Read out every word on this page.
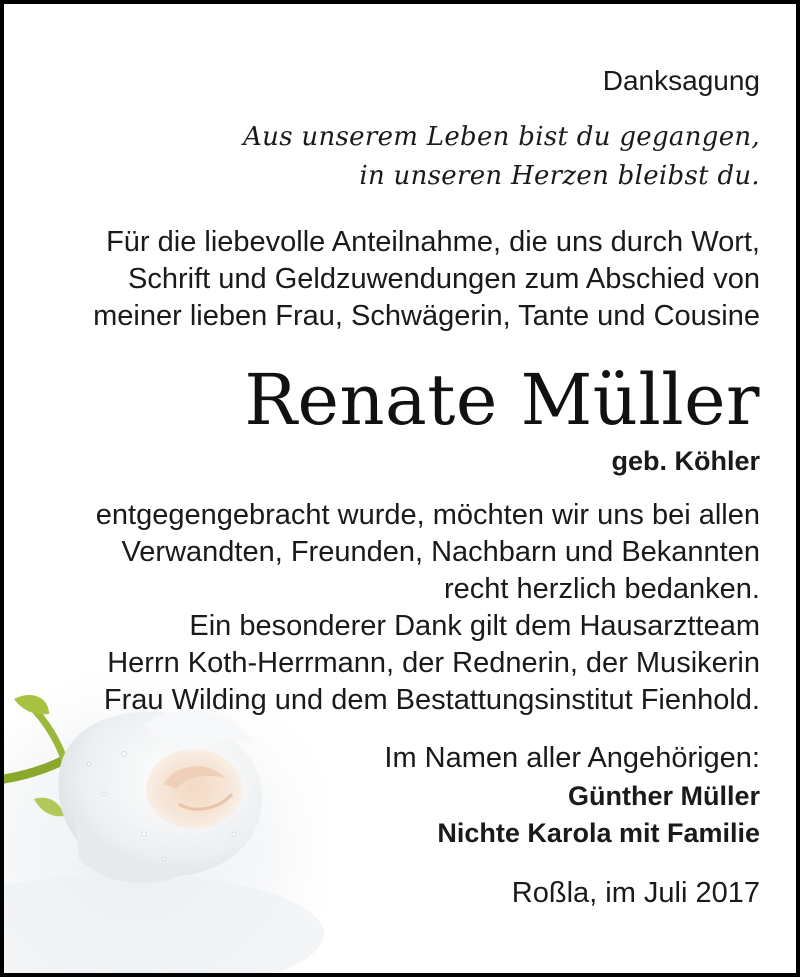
Danksagung
Aus unserem Leben bist du gegangen,
in unseren Herzen bleibst du.
Für die liebevolle Anteilnahme, die uns durch Wort,
Schrift und Geldzuwendungen zum Abschied von
meiner lieben Frau, Schwägerin, Tante und Cousine
Renate Müller
geb. Köhler
entgegengebracht wurde, möchten wir uns bei allen
Verwandten, Freunden, Nachbarn und Bekannten
recht herzlich bedanken.
Ein besonderer Dank gilt dem Hausarztteam
Herrn Koth-Herrmann, der Rednerin, der Musikerin
Frau Wilding und dem Bestattungsinstitut Fienhold.
Im Namen aller Angehörigen:
Günther Müller
Nichte Karola mit Familie
Roßla, im Juli 2017
